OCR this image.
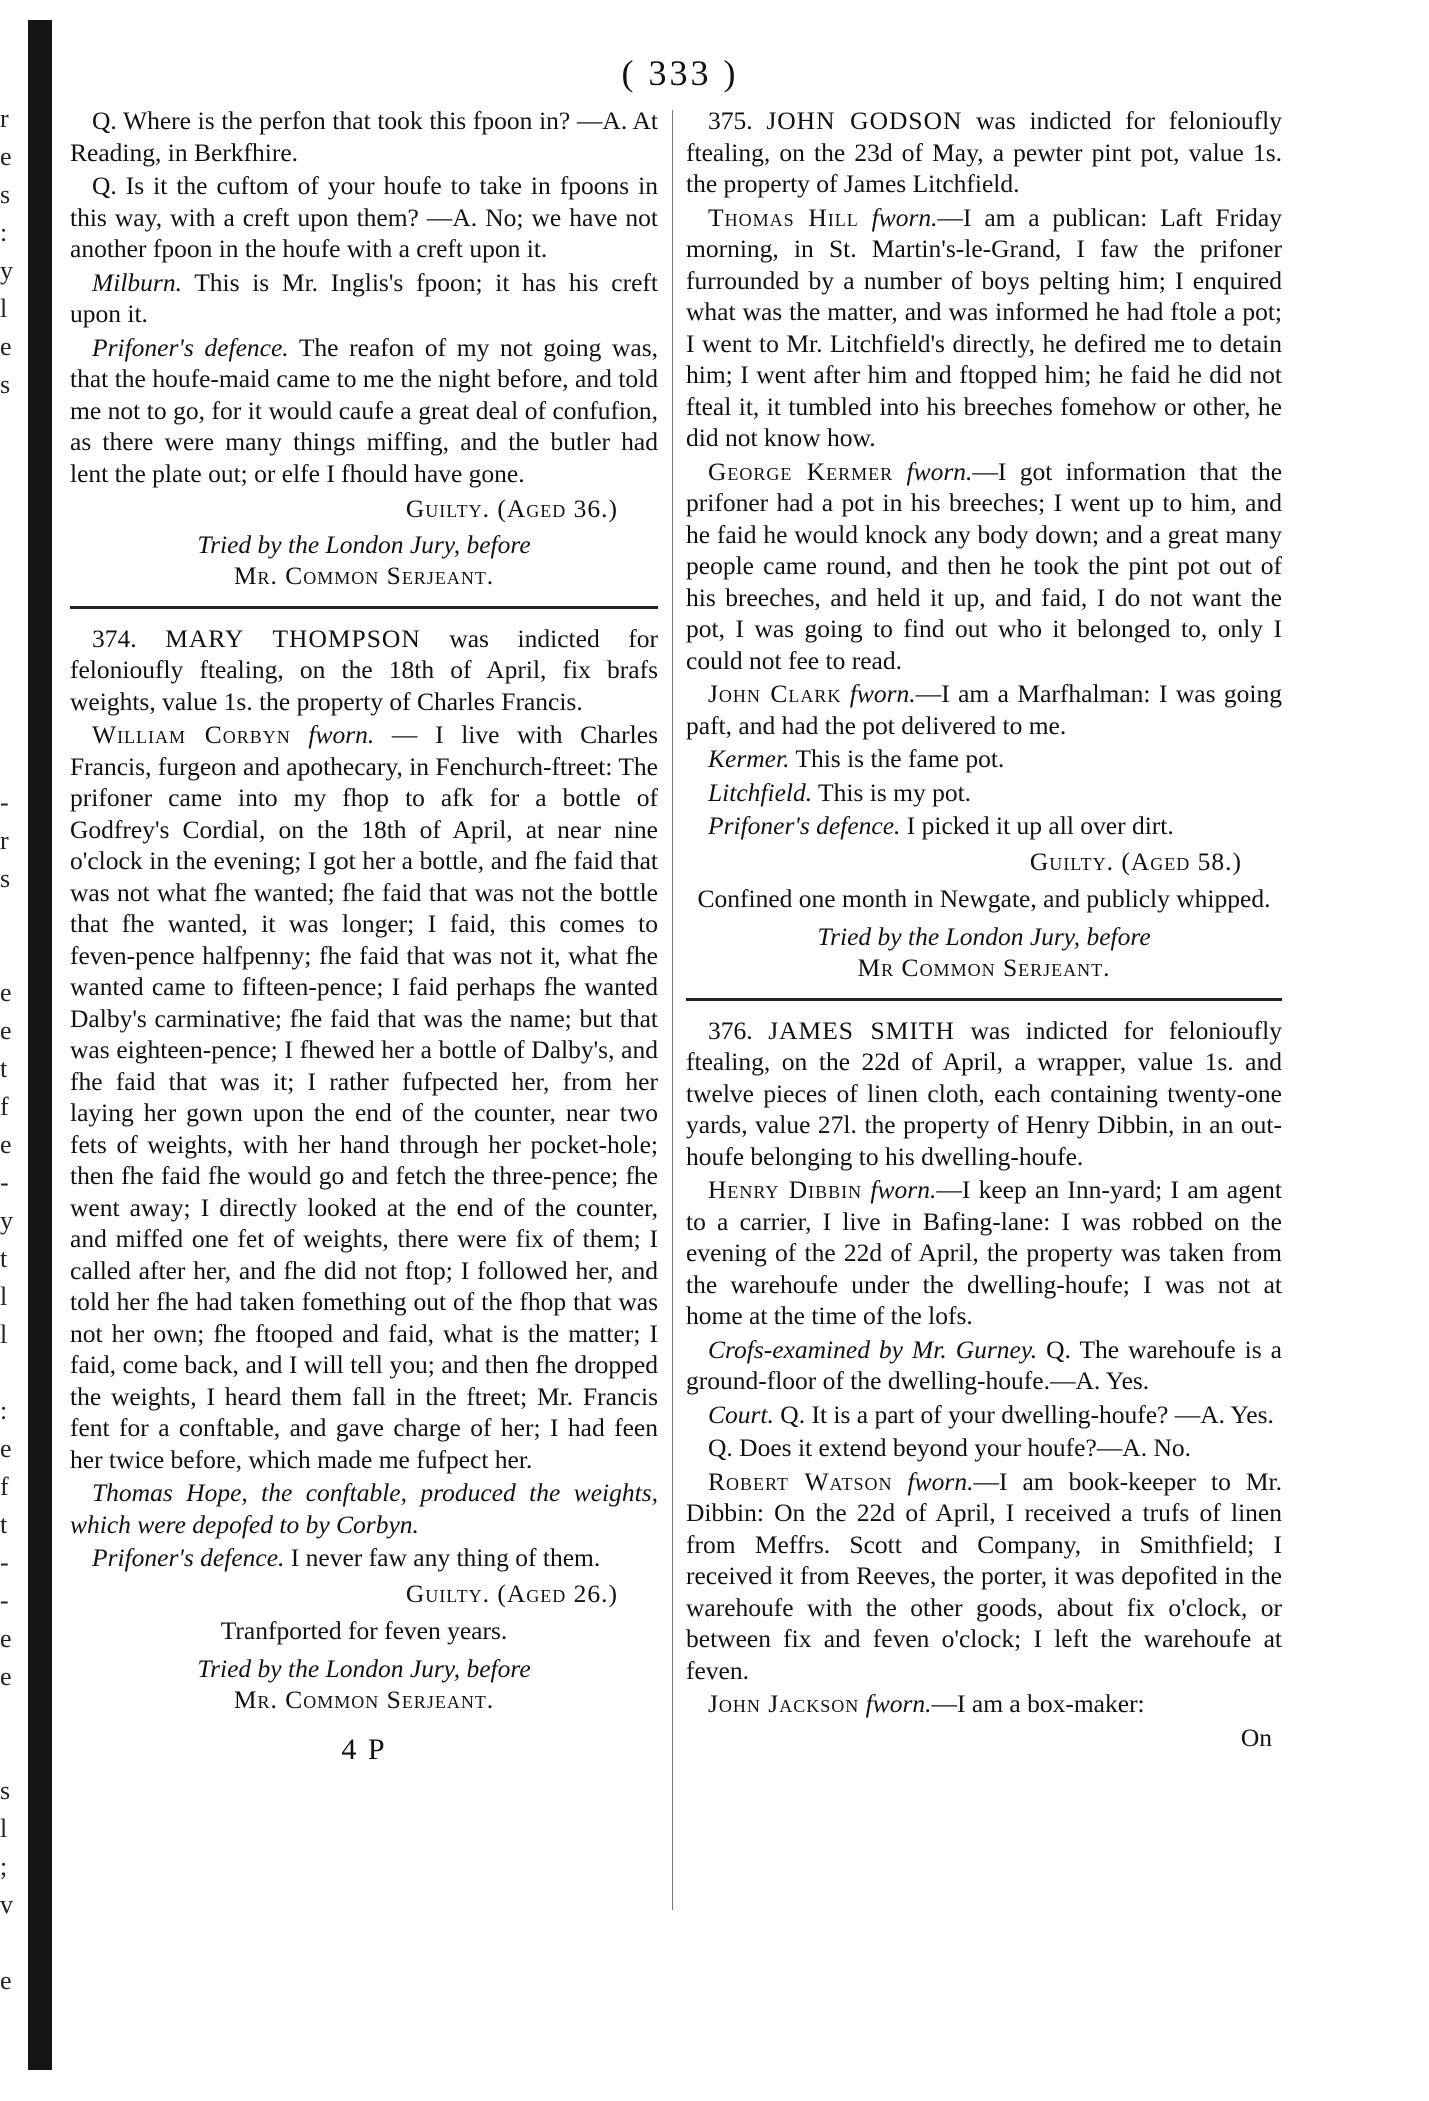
r
e
s
:
y
l
e
s
-
r
s
e
e
t
f
e
-
y
t
l
l
:
e
f
t
-
-
e
e
s
l
;
v
e
( 333 )

Q. Where is the perfon that took this fpoon in? —A. At Reading, in Berkfhire.

Q. Is it the cuftom of your houfe to take in fpoons in this way, with a creft upon them? —A. No; we have not another fpoon in the houfe with a creft upon it.

Milburn. This is Mr. Inglis's fpoon; it has his creft upon it.

Prifoner's defence. The reafon of my not going was, that the houfe-maid came to me the night before, and told me not to go, for it would caufe a great deal of confufion, as there were many things miffing, and the butler had lent the plate out; or elfe I fhould have gone.

Guilty. (Aged 36.)

Tried by the London Jury, before

Mr. Common Serjeant.

374. MARY THOMPSON was indicted for felonioufly ftealing, on the 18th of April, fix brafs weights, value 1s. the property of Charles Francis.

William Corbyn fworn. — I live with Charles Francis, furgeon and apothecary, in Fenchurch-ftreet: The prifoner came into my fhop to afk for a bottle of Godfrey's Cordial, on the 18th of April, at near nine o'clock in the evening; I got her a bottle, and fhe faid that was not what fhe wanted; fhe faid that was not the bottle that fhe wanted, it was longer; I faid, this comes to feven-pence halfpenny; fhe faid that was not it, what fhe wanted came to fifteen-pence; I faid perhaps fhe wanted Dalby's carminative; fhe faid that was the name; but that was eighteen-pence; I fhewed her a bottle of Dalby's, and fhe faid that was it; I rather fufpected her, from her laying her gown upon the end of the counter, near two fets of weights, with her hand through her pocket-hole; then fhe faid fhe would go and fetch the three-pence; fhe went away; I directly looked at the end of the counter, and miffed one fet of weights, there were fix of them; I called after her, and fhe did not ftop; I followed her, and told her fhe had taken fomething out of the fhop that was not her own; fhe ftooped and faid, what is the matter; I faid, come back, and I will tell you; and then fhe dropped the weights, I heard them fall in the ftreet; Mr. Francis fent for a conftable, and gave charge of her; I had feen her twice before, which made me fufpect her.

Thomas Hope, the conftable, produced the weights, which were depofed to by Corbyn.

Prifoner's defence. I never faw any thing of them.

Guilty. (Aged 26.)

Tranfported for feven years.

Tried by the London Jury, before

Mr. Common Serjeant.

4 P

375. JOHN GODSON was indicted for felonioufly ftealing, on the 23d of May, a pewter pint pot, value 1s. the property of James Litchfield.

Thomas Hill fworn.—I am a publican: Laft Friday morning, in St. Martin's-le-Grand, I faw the prifoner furrounded by a number of boys pelting him; I enquired what was the matter, and was informed he had ftole a pot; I went to Mr. Litchfield's directly, he defired me to detain him; I went after him and ftopped him; he faid he did not fteal it, it tumbled into his breeches fomehow or other, he did not know how.

George Kermer fworn.—I got information that the prifoner had a pot in his breeches; I went up to him, and he faid he would knock any body down; and a great many people came round, and then he took the pint pot out of his breeches, and held it up, and faid, I do not want the pot, I was going to find out who it belonged to, only I could not fee to read.

John Clark fworn.—I am a Marfhalman: I was going paft, and had the pot delivered to me.

Kermer. This is the fame pot.

Litchfield. This is my pot.

Prifoner's defence. I picked it up all over dirt.

Guilty. (Aged 58.)

Confined one month in Newgate, and publicly whipped.

Tried by the London Jury, before

Mr Common Serjeant.

376. JAMES SMITH was indicted for felonioufly ftealing, on the 22d of April, a wrapper, value 1s. and twelve pieces of linen cloth, each containing twenty-one yards, value 27l. the property of Henry Dibbin, in an out-houfe belonging to his dwelling-houfe.

Henry Dibbin fworn.—I keep an Inn-yard; I am agent to a carrier, I live in Bafing-lane: I was robbed on the evening of the 22d of April, the property was taken from the warehoufe under the dwelling-houfe; I was not at home at the time of the lofs.

Crofs-examined by Mr. Gurney. Q. The warehoufe is a ground-floor of the dwelling-houfe.—A. Yes.

Court. Q. It is a part of your dwelling-houfe? —A. Yes.

Q. Does it extend beyond your houfe?—A. No.

Robert Watson fworn.—I am book-keeper to Mr. Dibbin: On the 22d of April, I received a trufs of linen from Meffrs. Scott and Company, in Smithfield; I received it from Reeves, the porter, it was depofited in the warehoufe with the other goods, about fix o'clock, or between fix and feven o'clock; I left the warehoufe at feven.

John Jackson fworn.—I am a box-maker:

On
